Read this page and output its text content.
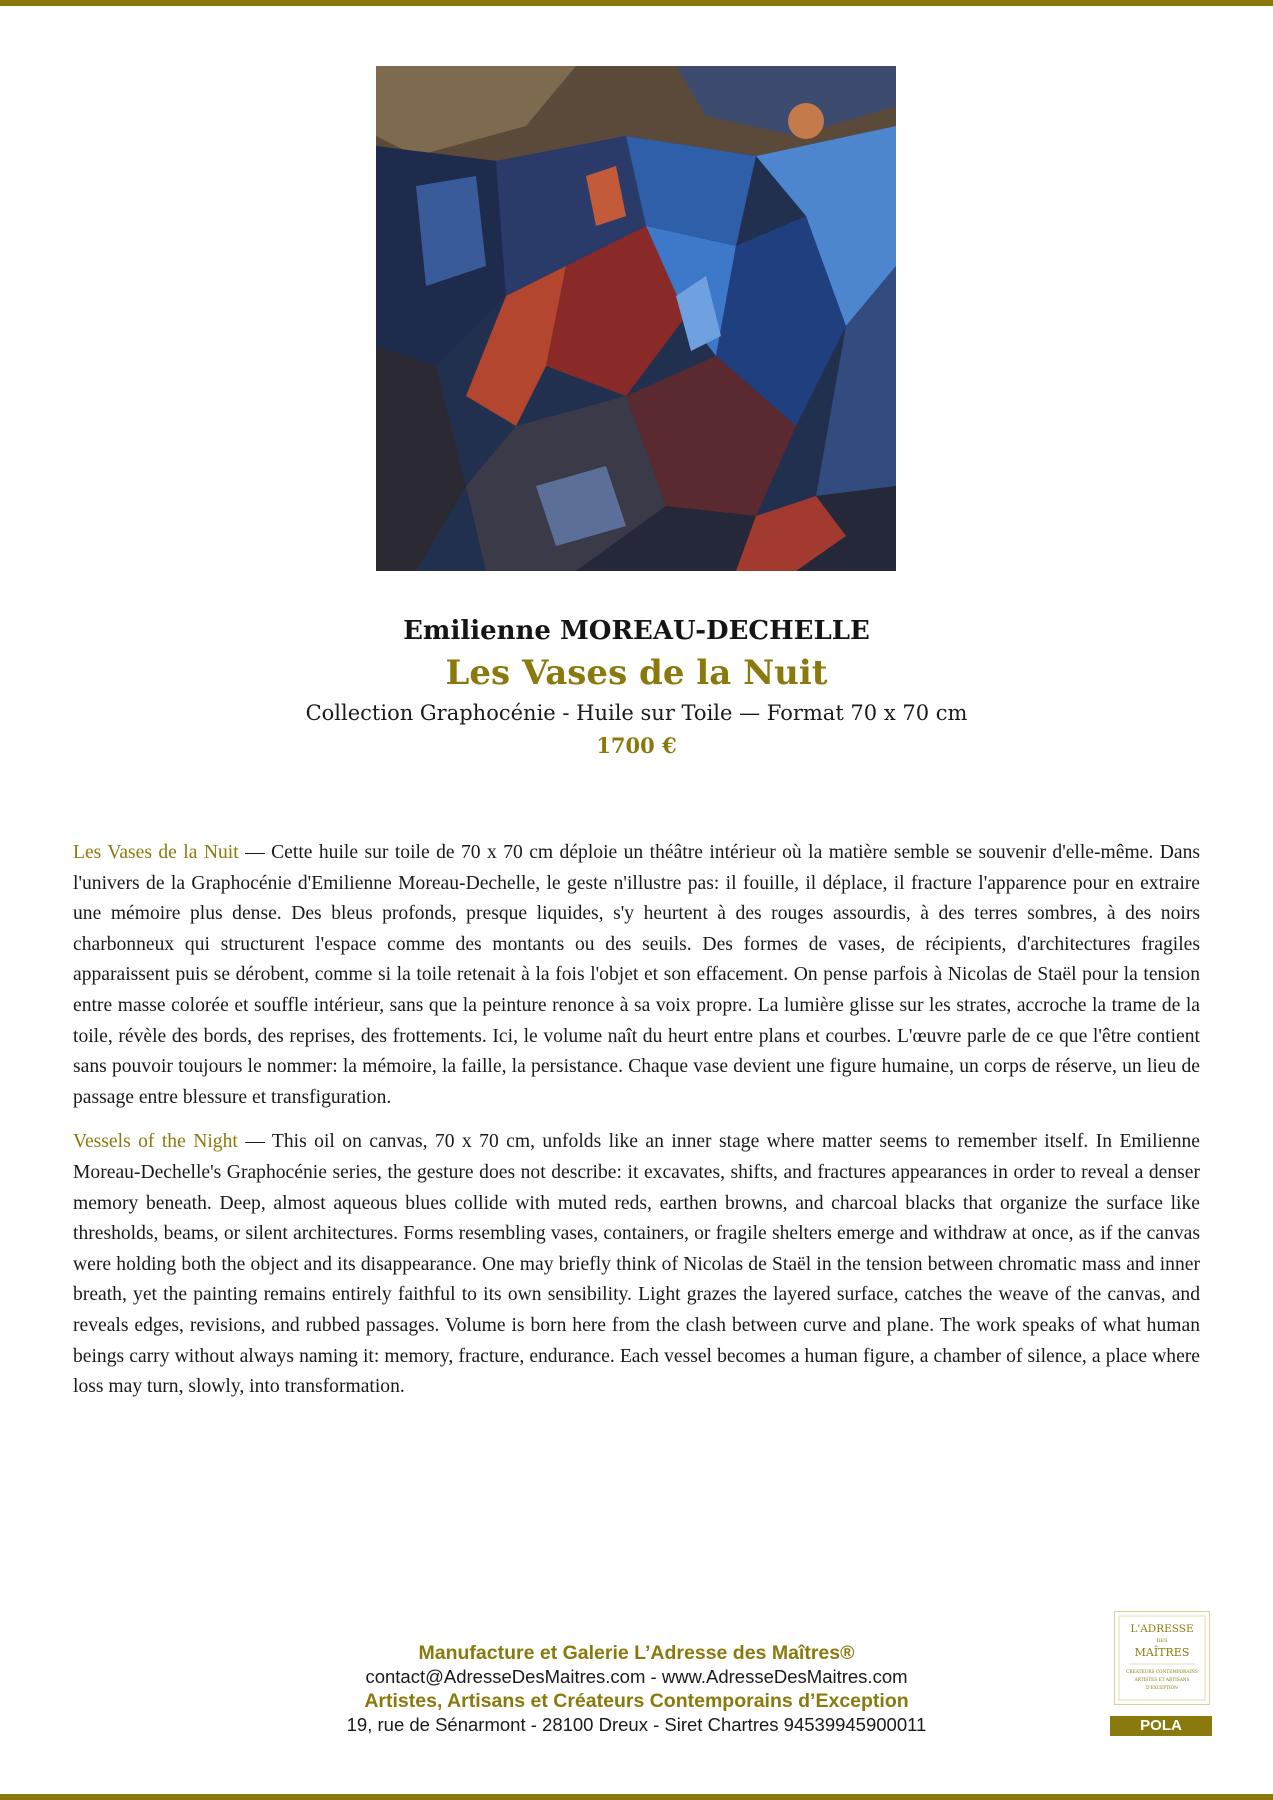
Emilienne MOREAU-DECHELLE
Les Vases de la Nuit
Collection Graphocénie - Huile sur Toile — Format 70 x 70 cm
1700 €

Les Vases de la Nuit — Cette huile sur toile de 70 x 70 cm déploie un théâtre intérieur où la matière semble se souvenir d'elle-même. Dans l'univers de la Graphocénie d'Emilienne Moreau-Dechelle, le geste n'illustre pas: il fouille, il déplace, il fracture l'apparence pour en extraire une mémoire plus dense. Des bleus profonds, presque liquides, s'y heurtent à des rouges assourdis, à des terres sombres, à des noirs charbonneux qui structurent l'espace comme des montants ou des seuils. Des formes de vases, de récipients, d'architectures fragiles apparaissent puis se dérobent, comme si la toile retenait à la fois l'objet et son effacement. On pense parfois à Nicolas de Staël pour la tension entre masse colorée et souffle intérieur, sans que la peinture renonce à sa voix propre. La lumière glisse sur les strates, accroche la trame de la toile, révèle des bords, des reprises, des frottements. Ici, le volume naît du heurt entre plans et courbes. L'œuvre parle de ce que l'être contient sans pouvoir toujours le nommer: la mémoire, la faille, la persistance. Chaque vase devient une figure humaine, un corps de réserve, un lieu de passage entre blessure et transfiguration.

Vessels of the Night — This oil on canvas, 70 x 70 cm, unfolds like an inner stage where matter seems to remember itself. In Emilienne Moreau-Dechelle's Graphocénie series, the gesture does not describe: it excavates, shifts, and fractures appearances in order to reveal a denser memory beneath. Deep, almost aqueous blues collide with muted reds, earthen browns, and charcoal blacks that organize the surface like thresholds, beams, or silent architectures. Forms resembling vases, containers, or fragile shelters emerge and withdraw at once, as if the canvas were holding both the object and its disappearance. One may briefly think of Nicolas de Staël in the tension between chromatic mass and inner breath, yet the painting remains entirely faithful to its own sensibility. Light grazes the layered surface, catches the weave of the canvas, and reveals edges, revisions, and rubbed passages. Volume is born here from the clash between curve and plane. The work speaks of what human beings carry without always naming it: memory, fracture, endurance. Each vessel becomes a human figure, a chamber of silence, a place where loss may turn, slowly, into transformation.

Manufacture et Galerie L’Adresse des Maîtres®
contact@AdresseDesMaitres.com - www.AdresseDesMaitres.com
Artistes, Artisans et Créateurs Contemporains d’Exception
19, rue de Sénarmont - 28100 Dreux - Siret Chartres 94539945900011
L'ADRESSE
DES
MAÎTRES
CRÉATEURS CONTEMPORAINS
ARTISTES ET ARTISANS
D'EXCEPTION
POLA
